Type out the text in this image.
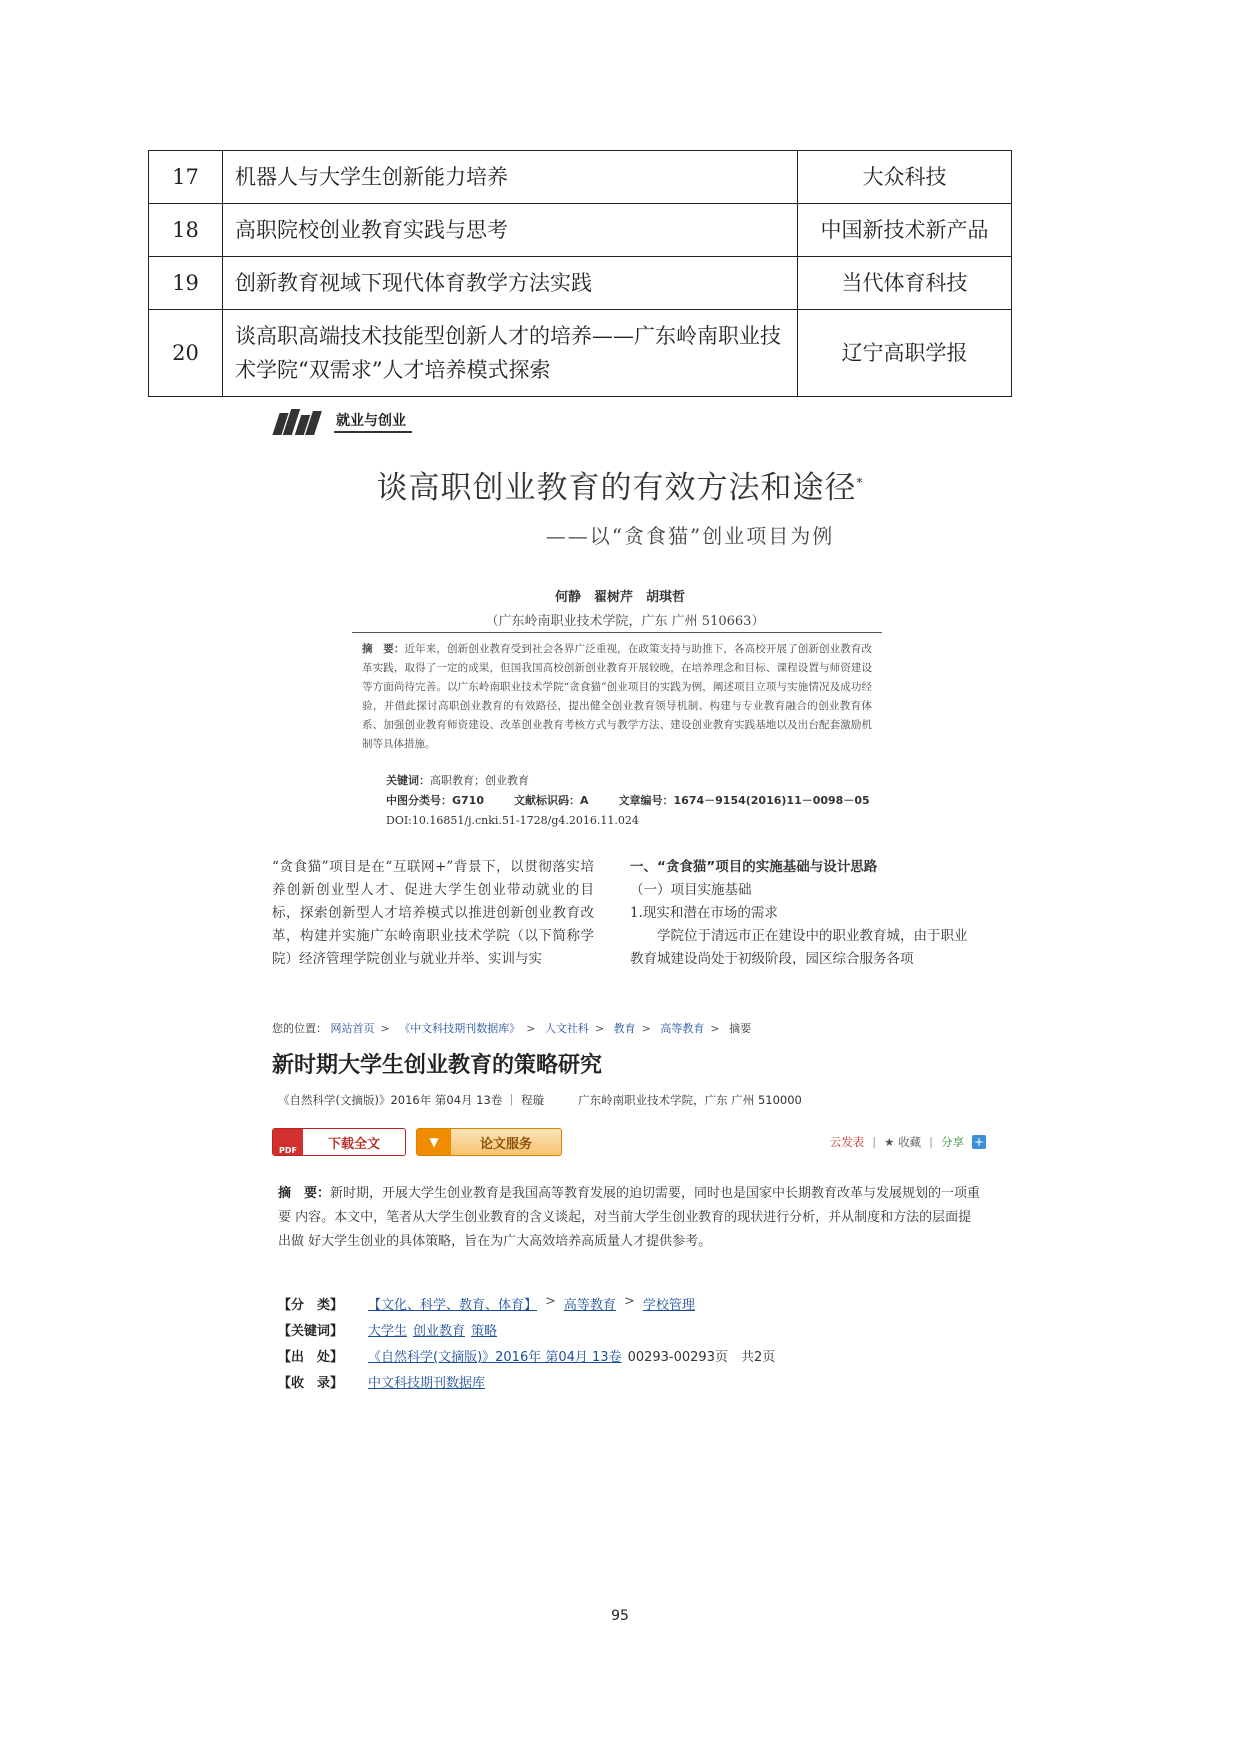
17	机器人与大学生创新能力培养	大众科技
18	高职院校创业教育实践与思考	中国新技术新产品
19	创新教育视域下现代体育教学方法实践	当代体育科技
20	谈高职高端技术技能型创新人才的培养——广东岭南职业技术学院“双需求”人才培养模式探索	辽宁高职学报
就业与创业
谈高职创业教育的有效方法和途径*
——以“贪食猫”创业项目为例
何静　翟树芹　胡琪哲
（广东岭南职业技术学院，广东 广州 510663）
摘　要：近年来，创新创业教育受到社会各界广泛重视，在政策支持与助推下，各高校开展了创新创业教育改革实践，取得了一定的成果，但国我国高校创新创业教育开展较晚，在培养理念和目标、课程设置与师资建设等方面尚待完善。以广东岭南职业技术学院“贪食猫”创业项目的实践为例，阐述项目立项与实施情况及成功经验，并借此探讨高职创业教育的有效路径，提出健全创业教育领导机制、构建与专业教育融合的创业教育体系、加强创业教育师资建设、改革创业教育考核方式与教学方法、建设创业教育实践基地以及出台配套激励机制等具体措施。
关键词：高职教育；创业教育
中图分类号：G710	文献标识码：A	文章编号：1674－9154(2016)11－0098－05
DOI:10.16851/j.cnki.51-1728/g4.2016.11.024
“贪食猫”项目是在“互联网+”背景下，以贯彻落实培养创新创业型人才、促进大学生创业带动就业的目标，探索创新型人才培养模式以推进创新创业教育改革，构建并实施广东岭南职业技术学院（以下简称学院）经济管理学院创业与就业并举、实训与实
一、“贪食猫”项目的实施基础与设计思路
（一）项目实施基础
1.现实和潜在市场的需求
学院位于清远市正在建设中的职业教育城，由于职业教育城建设尚处于初级阶段，园区综合服务各项
您的位置： 网站首页 > 《中文科技期刊数据库》 > 人文社科 > 教育 > 高等教育 > 摘要
新时期大学生创业教育的策略研究
《自然科学(文摘版)》2016年 第04月 13卷 ｜ 程璇	广东岭南职业技术学院，广东 广州 510000
PDF	下载全文	▼	论文服务	云发表 | ★ 收藏 | 分享 +
摘　要：新时期，开展大学生创业教育是我国高等教育发展的迫切需要，同时也是国家中长期教育改革与发展规划的一项重要 内容。本文中，笔者从大学生创业教育的含义谈起，对当前大学生创业教育的现状进行分析，并从制度和方法的层面提出做 好大学生创业的具体策略，旨在为广大高效培养高质量人才提供参考。
【分　类】	【文化、科学、教育、体育】 > 高等教育 > 学校管理
【关键词】	大学生 创业教育 策略
【出　处】	《自然科学(文摘版)》2016年 第04月 13卷 00293-00293页　共2页
【收　录】	中文科技期刊数据库
95
